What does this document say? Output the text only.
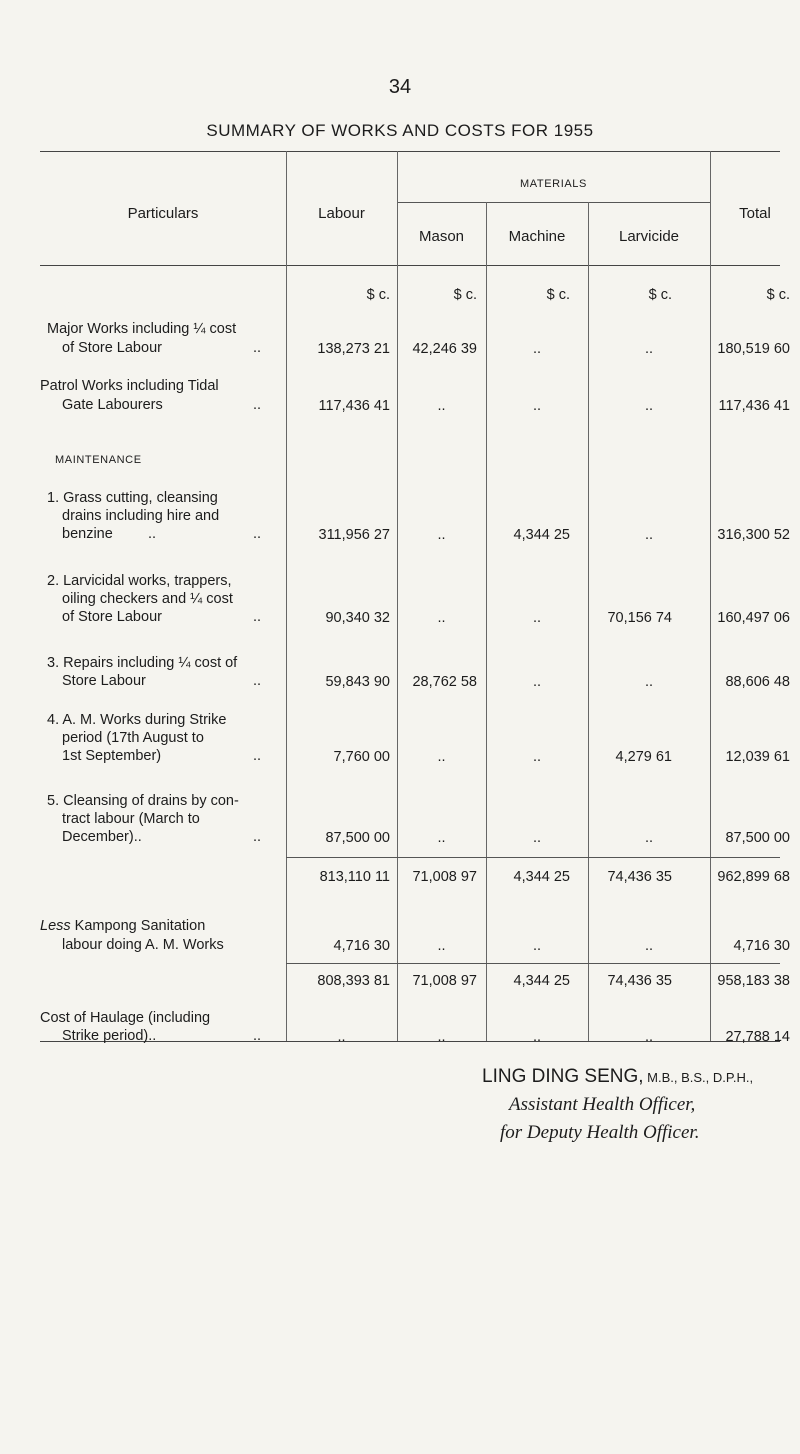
34
SUMMARY OF WORKS AND COSTS FOR 1955
Particulars	Labour
MATERIALS
Mason	Machine	Larvicide
Total
$ c.	$ c.	$ c.	$ c.	$ c.
Major Works including ¼ cost
of Store Labour	..	138,273 21	42,246 39	..	..	180,519 60
Patrol Works including Tidal
Gate Labourers	..	117,436 41	..	..	..	117,436 41
MAINTENANCE
1. Grass cutting, cleansing
drains including hire and
benzine ..	..	311,956 27	..	4,344 25	..	316,300 52
2. Larvicidal works, trappers,
oiling checkers and ¼ cost
of Store Labour	..	90,340 32	..	..	70,156 74	160,497 06
3. Repairs including ¼ cost of
Store Labour	..	59,843 90	28,762 58	..	..	88,606 48
4. A. M. Works during Strike
period (17th August to
1st September)	..	7,760 00	..	..	4,279 61	12,039 61
5. Cleansing of drains by con-
tract labour (March to
December)..	..	87,500 00	..	..	..	87,500 00
813,110 11	71,008 97	4,344 25	74,436 35	962,899 68
Less Kampong Sanitation
labour doing A. M. Works	4,716 30	..	..	..	4,716 30
808,393 81	71,008 97	4,344 25	74,436 35	958,183 38
Cost of Haulage (including
Strike period)..	..	..	..	..	..	27,788 14
LING DING SENG, M.B., B.S., D.P.H.,
Assistant Health Officer,
for Deputy Health Officer.
